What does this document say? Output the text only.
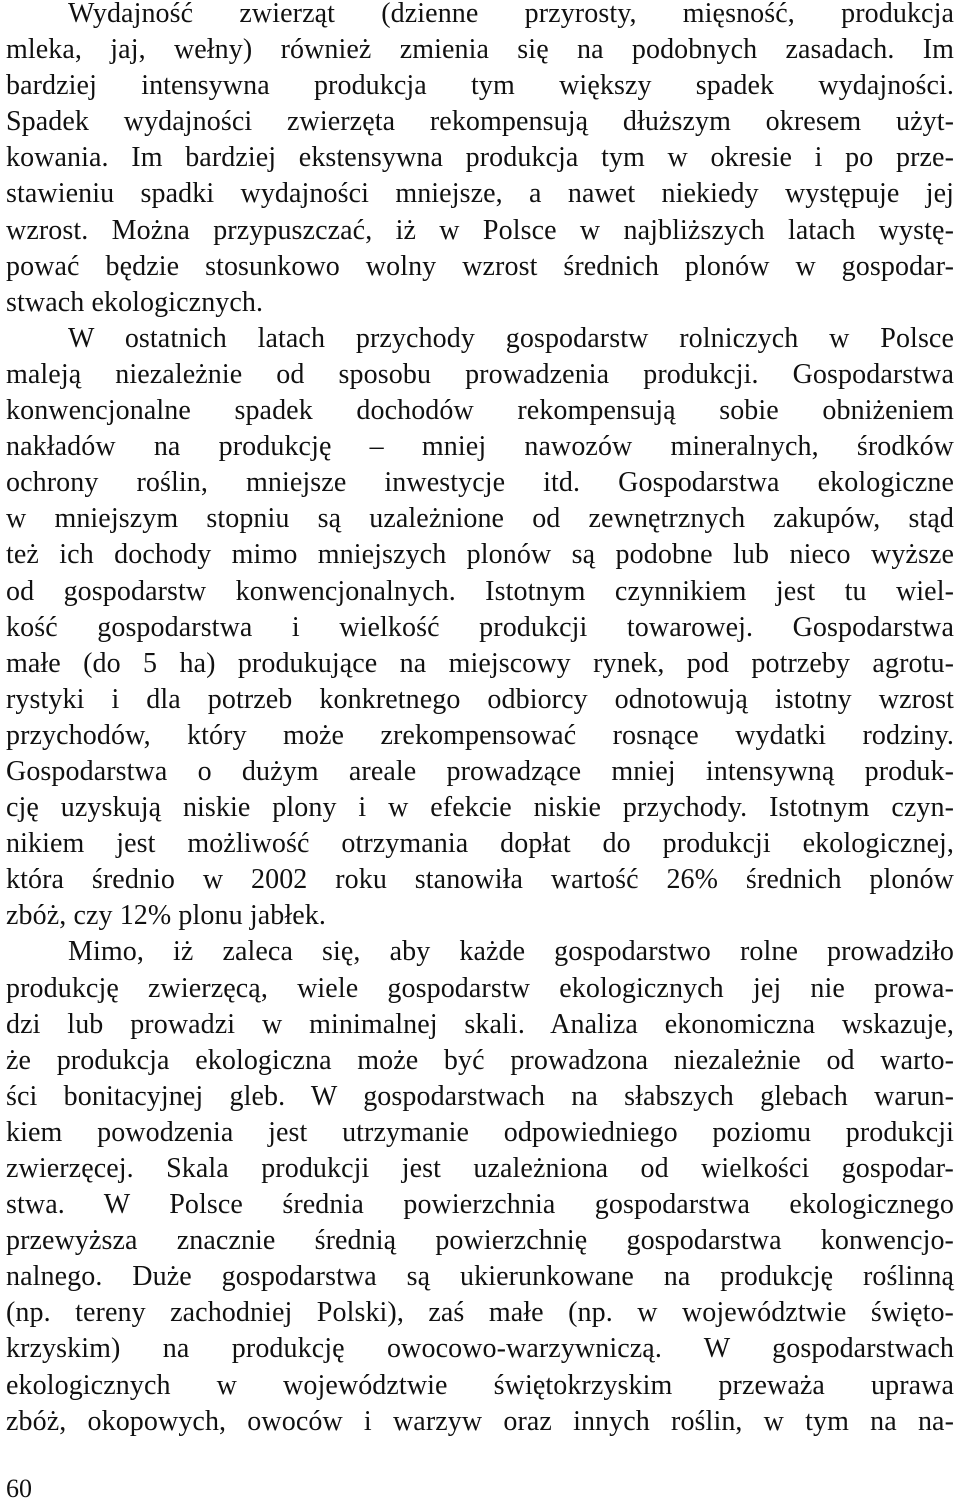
Wydajność zwierząt (dzienne przyrosty, mięsność, produkcja
mleka, jaj, wełny) również zmienia się na podobnych zasadach. Im
bardziej intensywna produkcja tym większy spadek wydajności.
Spadek wydajności zwierzęta rekompensują dłuższym okresem użyt-
kowania. Im bardziej ekstensywna produkcja tym w okresie i po prze-
stawieniu spadki wydajności mniejsze, a nawet niekiedy występuje jej
wzrost. Można przypuszczać, iż w Polsce w najbliższych latach wystę-
pować będzie stosunkowo wolny wzrost średnich plonów w gospodar-
stwach ekologicznych.
W ostatnich latach przychody gospodarstw rolniczych w Polsce
maleją niezależnie od sposobu prowadzenia produkcji. Gospodarstwa
konwencjonalne spadek dochodów rekompensują sobie obniżeniem
nakładów na produkcję – mniej nawozów mineralnych, środków
ochrony roślin, mniejsze inwestycje itd. Gospodarstwa ekologiczne
w mniejszym stopniu są uzależnione od zewnętrznych zakupów, stąd
też ich dochody mimo mniejszych plonów są podobne lub nieco wyższe
od gospodarstw konwencjonalnych. Istotnym czynnikiem jest tu wiel-
kość gospodarstwa i wielkość produkcji towarowej. Gospodarstwa
małe (do 5 ha) produkujące na miejscowy rynek, pod potrzeby agrotu-
rystyki i dla potrzeb konkretnego odbiorcy odnotowują istotny wzrost
przychodów, który może zrekompensować rosnące wydatki rodziny.
Gospodarstwa o dużym areale prowadzące mniej intensywną produk-
cję uzyskują niskie plony i w efekcie niskie przychody. Istotnym czyn-
nikiem jest możliwość otrzymania dopłat do produkcji ekologicznej,
która średnio w 2002 roku stanowiła wartość 26% średnich plonów
zbóż, czy 12% plonu jabłek.
Mimo, iż zaleca się, aby każde gospodarstwo rolne prowadziło
produkcję zwierzęcą, wiele gospodarstw ekologicznych jej nie prowa-
dzi lub prowadzi w minimalnej skali. Analiza ekonomiczna wskazuje,
że produkcja ekologiczna może być prowadzona niezależnie od warto-
ści bonitacyjnej gleb. W gospodarstwach na słabszych glebach warun-
kiem powodzenia jest utrzymanie odpowiedniego poziomu produkcji
zwierzęcej. Skala produkcji jest uzależniona od wielkości gospodar-
stwa. W Polsce średnia powierzchnia gospodarstwa ekologicznego
przewyższa znacznie średnią powierzchnię gospodarstwa konwencjo-
nalnego. Duże gospodarstwa są ukierunkowane na produkcję roślinną
(np. tereny zachodniej Polski), zaś małe (np. w województwie święto-
krzyskim) na produkcję owocowo-warzywniczą. W gospodarstwach
ekologicznych w województwie świętokrzyskim przeważa uprawa
zbóż, okopowych, owoców i warzyw oraz innych roślin, w tym na na-
60
